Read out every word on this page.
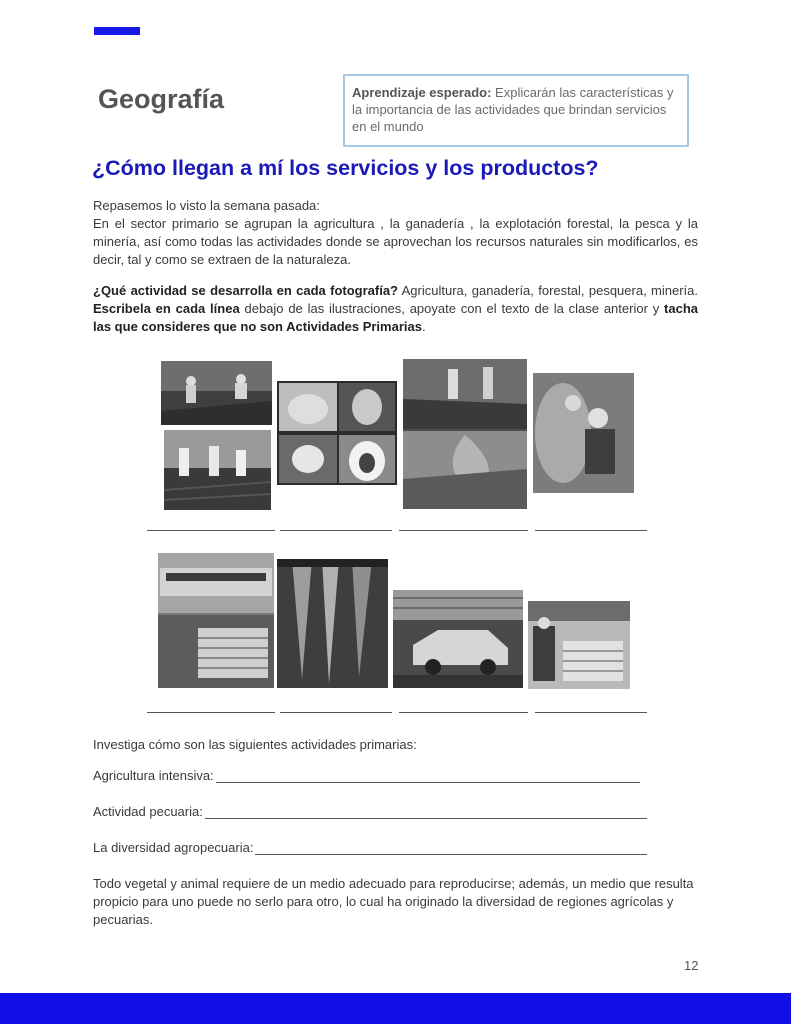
Geografía	Aprendizaje esperado: Explicarán las características y la importancia de las actividades que brindan servicios en el mundo
¿Cómo llegan a mí los servicios y los productos?
Repasemos lo visto la semana pasada:
En el sector primario se agrupan la agricultura , la ganadería , la explotación forestal, la pesca y la minería, así como todas las actividades donde se aprovechan los recursos naturales sin modificarlos, es decir, tal y como se extraen de la naturaleza.
¿Qué actividad se desarrolla en cada fotografía? Agricultura, ganadería, forestal, pesquera, minería. Escribela en cada línea debajo de las ilustraciones, apoyate con el texto de la clase anterior y tacha las que consideres que no son Actividades Primarias.
Investiga cómo son las siguientes actividades primarias:
Agricultura intensiva:
Actividad pecuaria:
La diversidad agropecuaria:
Todo vegetal y animal requiere de un medio adecuado para reproducirse; además, un medio que resulta propicio para uno puede no serlo para otro, lo cual ha originado la diversidad de regiones agrícolas y pecuarias.
12
